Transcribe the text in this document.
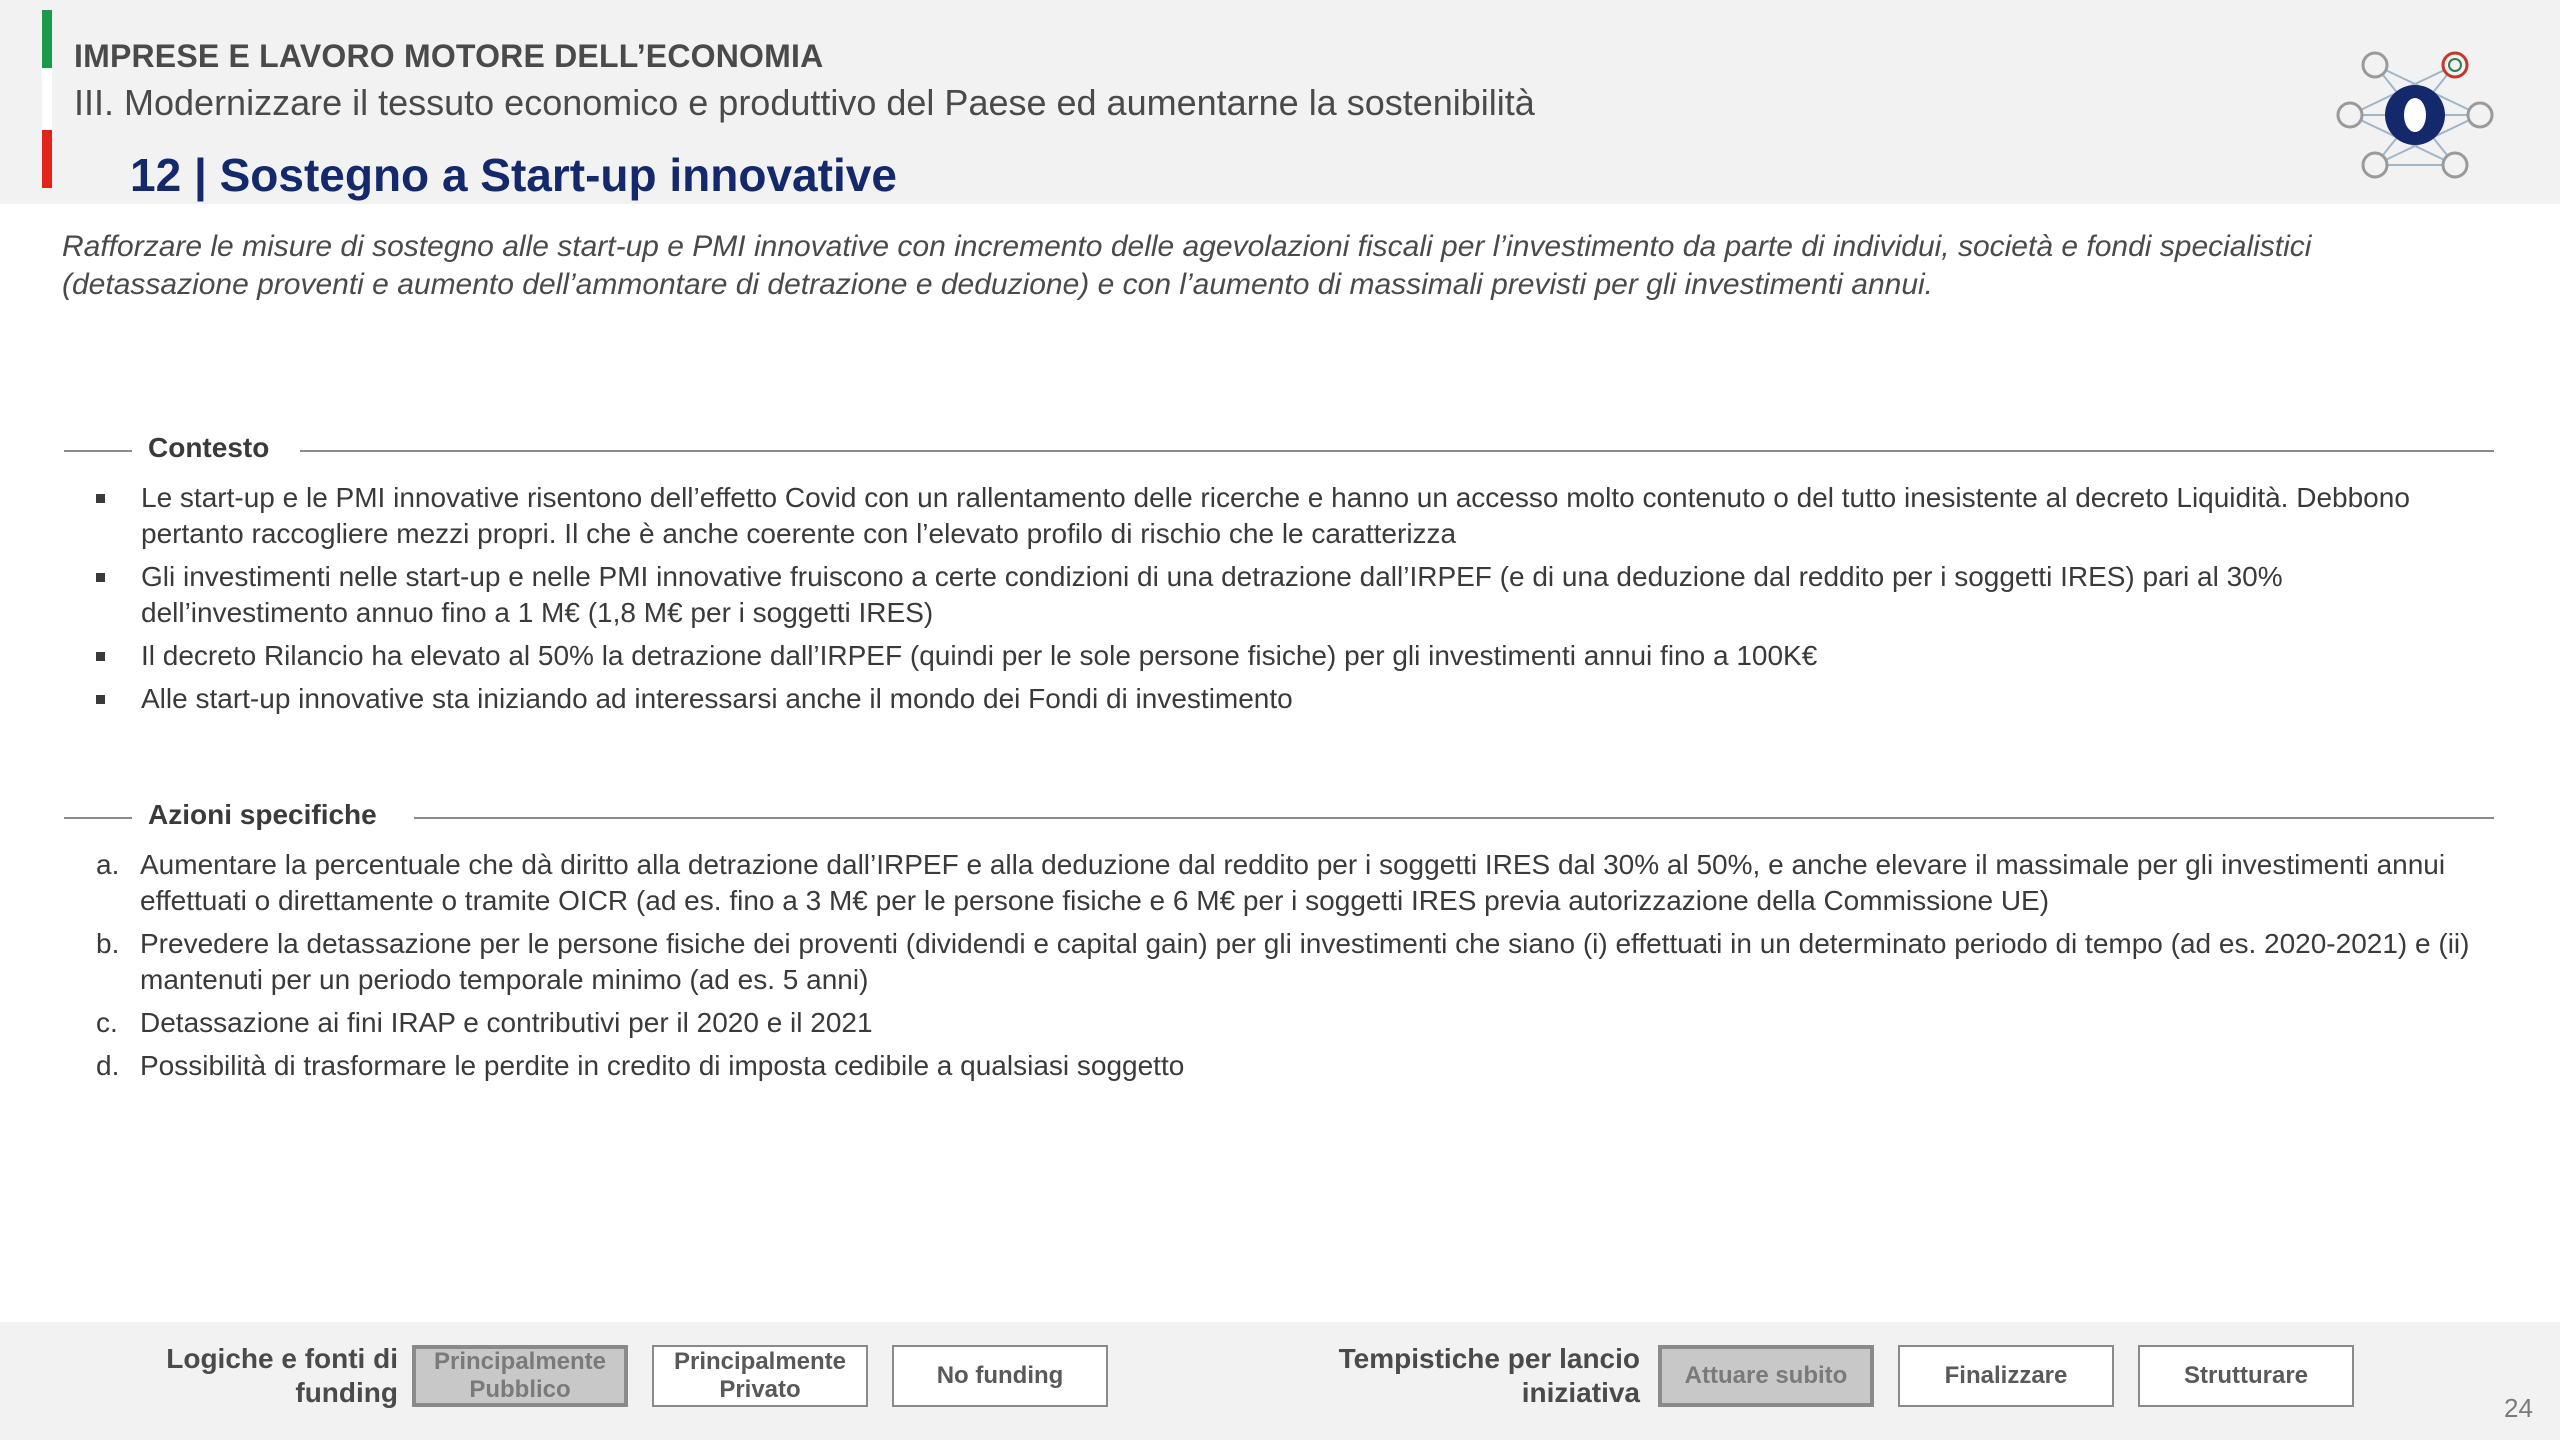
IMPRESE E LAVORO MOTORE DELL’ECONOMIA
III. Modernizzare il tessuto economico e produttivo del Paese ed aumentarne la sostenibilità
12 | Sostegno a Start-up innovative
Rafforzare le misure di sostegno alle start-up e PMI innovative con incremento delle agevolazioni fiscali per l’investimento da parte di individui, società e fondi specialistici (detassazione proventi e aumento dell’ammontare di detrazione e deduzione) e con l’aumento di massimali previsti per gli investimenti annui.
Contesto
Le start-up e le PMI innovative risentono dell’effetto Covid con un rallentamento delle ricerche e hanno un accesso molto contenuto o del tutto inesistente al decreto Liquidità. Debbono pertanto raccogliere mezzi propri. Il che è anche coerente con l’elevato profilo di rischio che le caratterizza
Gli investimenti nelle start-up e nelle PMI innovative fruiscono a certe condizioni di una detrazione dall’IRPEF (e di una deduzione dal reddito per i soggetti IRES) pari al 30% dell’investimento annuo fino a 1 M€ (1,8 M€ per i soggetti IRES)
Il decreto Rilancio ha elevato al 50% la detrazione dall’IRPEF (quindi per le sole persone fisiche) per gli investimenti annui fino a 100K€
Alle start-up innovative sta iniziando ad interessarsi anche il mondo dei Fondi di investimento
Azioni specifiche
a. Aumentare la percentuale che dà diritto alla detrazione dall’IRPEF e alla deduzione dal reddito per i soggetti IRES dal 30% al 50%, e anche elevare il massimale per gli investimenti annui effettuati o direttamente o tramite OICR (ad es. fino a 3 M€ per le persone fisiche e 6 M€ per i soggetti IRES previa autorizzazione della Commissione UE)
b. Prevedere la detassazione per le persone fisiche dei proventi (dividendi e capital gain) per gli investimenti che siano (i) effettuati in un determinato periodo di tempo (ad es. 2020-2021) e (ii) mantenuti per un periodo temporale minimo (ad es. 5 anni)
c. Detassazione ai fini IRAP e contributivi per il 2020 e il 2021
d. Possibilità di trasformare le perdite in credito di imposta cedibile a qualsiasi soggetto
Logiche e fonti di
funding
Principalmente
Pubblico
Principalmente
Privato
No funding
Tempistiche per lancio
iniziativa
Attuare subito	Finalizzare	Strutturare
24
